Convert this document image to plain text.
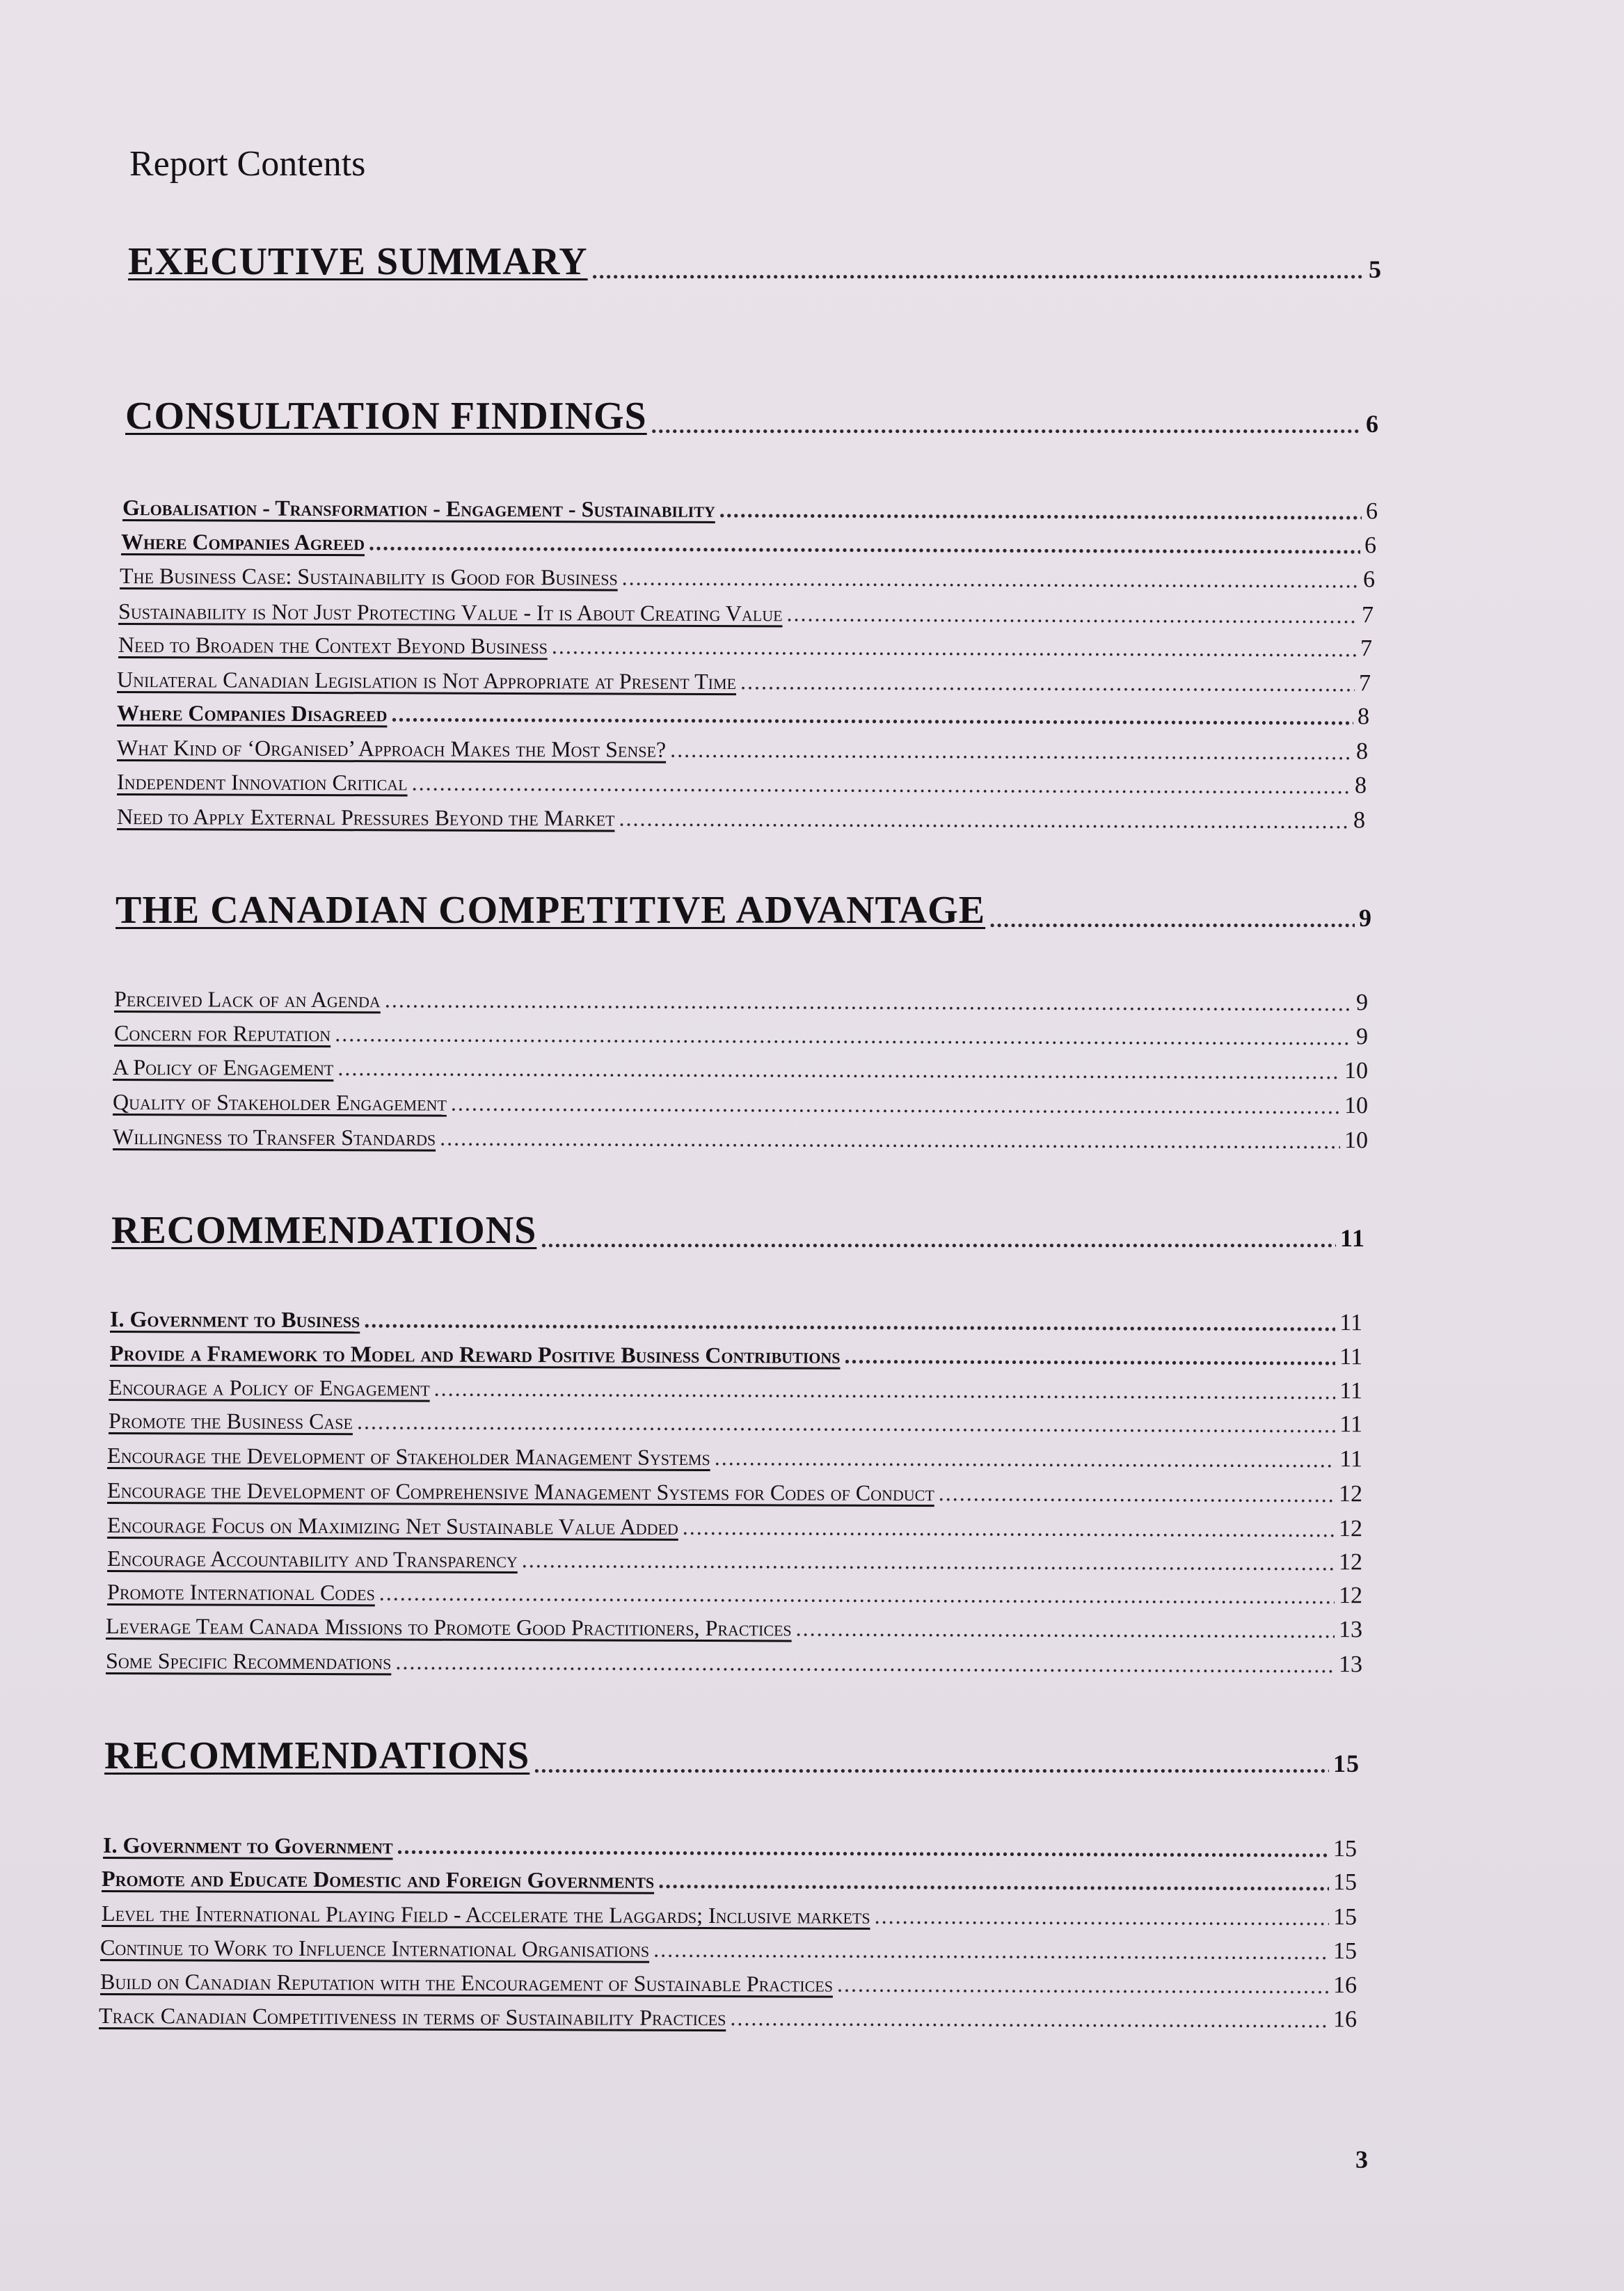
Report Contents
EXECUTIVE SUMMARY .....	5
CONSULTATION FINDINGS .....	6
Globalisation - Transformation - Engagement - Sustainability .....	6
Where Companies Agreed .....	6
The Business Case: Sustainability is Good for Business .....	6
Sustainability is Not Just Protecting Value - It is About Creating Value .....	7
Need to Broaden the Context Beyond Business .....	7
Unilateral Canadian Legislation is Not Appropriate at Present Time .....	7
Where Companies Disagreed .....	8
What Kind of ‘Organised’ Approach Makes the Most Sense? .....	8
Independent Innovation Critical .....	8
Need to Apply External Pressures Beyond the Market .....	8
THE CANADIAN COMPETITIVE ADVANTAGE .....	9
Perceived Lack of an Agenda .....	9
Concern for Reputation .....	9
A Policy of Engagement .....	10
Quality of Stakeholder Engagement .....	10
Willingness to Transfer Standards .....	10
RECOMMENDATIONS .....	11
I. Government to Business .....	11
Provide a Framework to Model and Reward Positive Business Contributions .....	11
Encourage a Policy of Engagement .....	11
Promote the Business Case .....	11
Encourage the Development of Stakeholder Management Systems .....	11
Encourage the Development of Comprehensive Management Systems for Codes of Conduct .....	12
Encourage Focus on Maximizing Net Sustainable Value Added .....	12
Encourage Accountability and Transparency .....	12
Promote International Codes .....	12
Leverage Team Canada Missions to Promote Good Practitioners, Practices .....	13
Some Specific Recommendations .....	13
RECOMMENDATIONS .....	15
I. Government to Government .....	15
Promote and Educate Domestic and Foreign Governments .....	15
Level the International Playing Field - Accelerate the Laggards; Inclusive markets .....	15
Continue to Work to Influence International Organisations .....	15
Build on Canadian Reputation with the Encouragement of Sustainable Practices .....	16
Track Canadian Competitiveness in terms of Sustainability Practices .....	16
3
